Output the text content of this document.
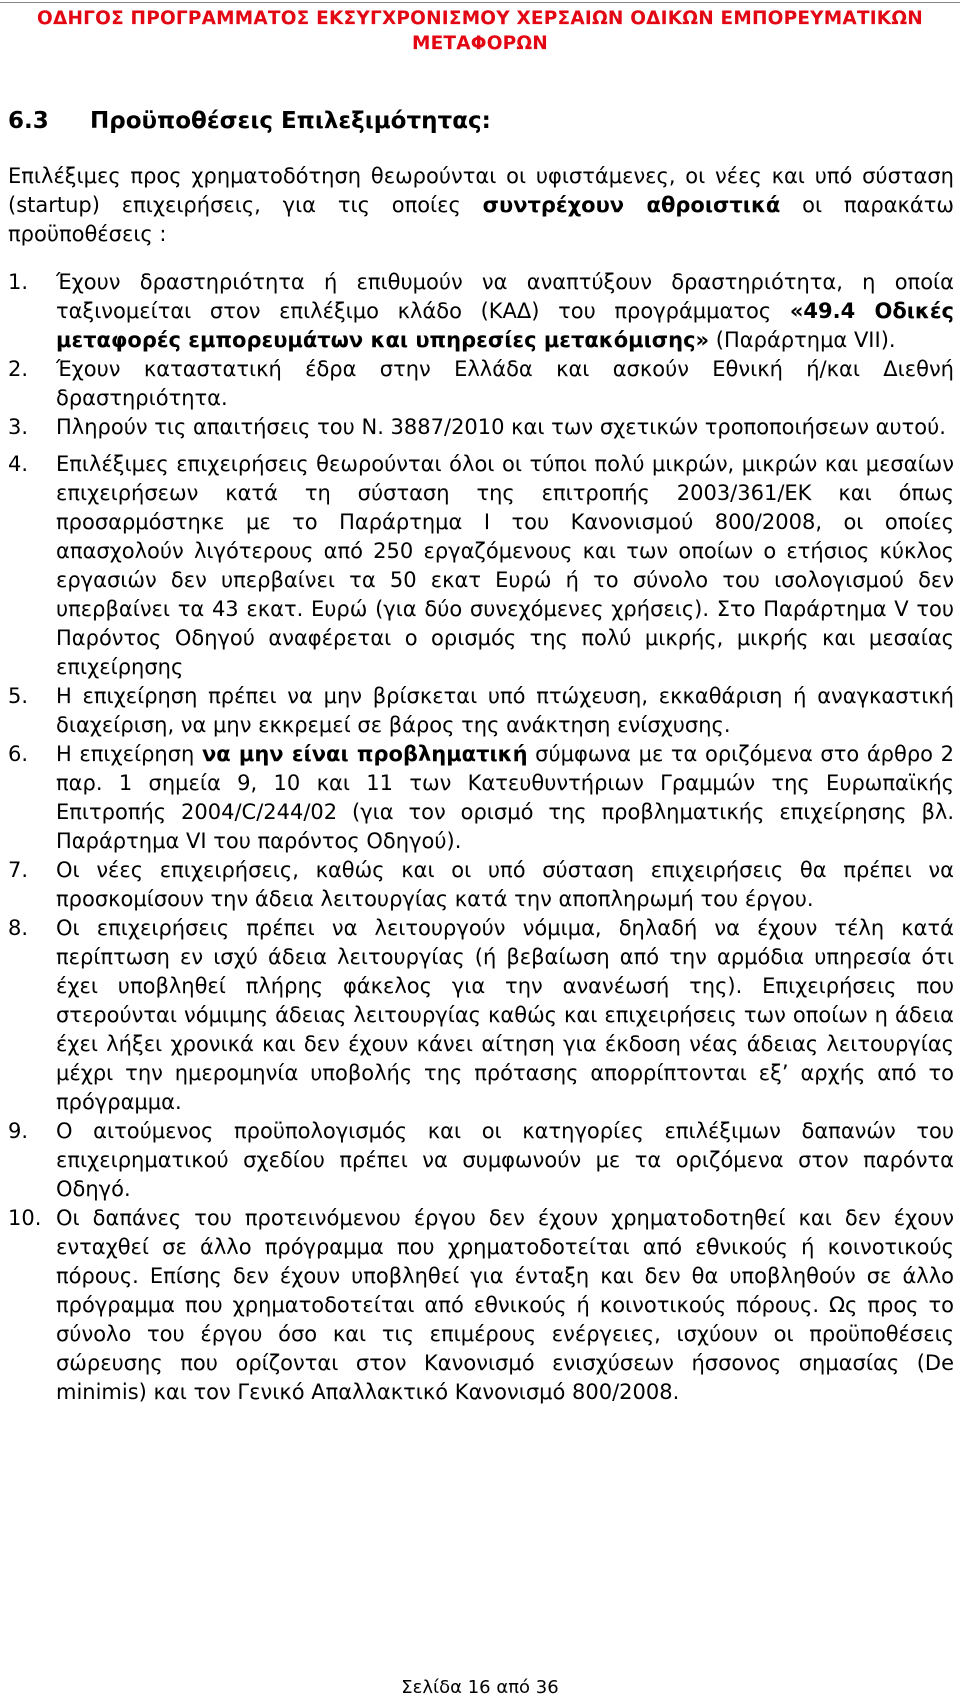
ΟΔΗΓΟΣ ΠΡΟΓΡΑΜΜΑΤΟΣ ΕΚΣΥΓΧΡΟΝΙΣΜΟΥ ΧΕΡΣΑΙΩΝ ΟΔΙΚΩΝ ΕΜΠΟΡΕΥΜΑΤΙΚΩΝ ΜΕΤΑΦΟΡΩΝ
6.3 Προϋποθέσεις Επιλεξιμότητας:

Επιλέξιμες προς χρηματοδότηση θεωρούνται οι υφιστάμενες, οι νέες και υπό σύσταση (startup) επιχειρήσεις, για τις οποίες συντρέχουν αθροιστικά οι παρακάτω προϋποθέσεις :

1. Έχουν δραστηριότητα ή επιθυμούν να αναπτύξουν δραστηριότητα, η οποία ταξινομείται στον επιλέξιμο κλάδο (ΚΑΔ) του προγράμματος «49.4 Οδικές μεταφορές εμπορευμάτων και υπηρεσίες μετακόμισης» (Παράρτημα VII).
2. Έχουν καταστατική έδρα στην Ελλάδα και ασκούν Εθνική ή/και Διεθνή δραστηριότητα.
3. Πληρούν τις απαιτήσεις του Ν. 3887/2010 και των σχετικών τροποποιήσεων αυτού.
4. Επιλέξιμες επιχειρήσεις θεωρούνται όλοι οι τύποι πολύ μικρών, μικρών και μεσαίων επιχειρήσεων κατά τη σύσταση της επιτροπής 2003/361/ΕΚ και όπως προσαρμόστηκε με το Παράρτημα Ι του Κανονισμού 800/2008, οι οποίες απασχολούν λιγότερους από 250 εργαζόμενους και των οποίων ο ετήσιος κύκλος εργασιών δεν υπερβαίνει τα 50 εκατ Ευρώ ή το σύνολο του ισολογισμού δεν υπερβαίνει τα 43 εκατ. Ευρώ (για δύο συνεχόμενες χρήσεις). Στο Παράρτημα V του Παρόντος Οδηγού αναφέρεται ο ορισμός της πολύ μικρής, μικρής και μεσαίας επιχείρησης
5. Η επιχείρηση πρέπει να μην βρίσκεται υπό πτώχευση, εκκαθάριση ή αναγκαστική διαχείριση, να μην εκκρεμεί σε βάρος της ανάκτηση ενίσχυσης.
6. Η επιχείρηση να μην είναι προβληματική σύμφωνα με τα οριζόμενα στο άρθρο 2 παρ. 1 σημεία 9, 10 και 11 των Κατευθυντήριων Γραμμών της Ευρωπαϊκής Επιτροπής 2004/C/244/02 (για τον ορισμό της προβληματικής επιχείρησης βλ. Παράρτημα VI του παρόντος Οδηγού).
7. Οι νέες επιχειρήσεις, καθώς και οι υπό σύσταση επιχειρήσεις θα πρέπει να προσκομίσουν την άδεια λειτουργίας κατά την αποπληρωμή του έργου.
8. Οι επιχειρήσεις πρέπει να λειτουργούν νόμιμα, δηλαδή να έχουν τέλη κατά περίπτωση εν ισχύ άδεια λειτουργίας (ή βεβαίωση από την αρμόδια υπηρεσία ότι έχει υποβληθεί πλήρης φάκελος για την ανανέωσή της). Επιχειρήσεις που στερούνται νόμιμης άδειας λειτουργίας καθώς και επιχειρήσεις των οποίων η άδεια έχει λήξει χρονικά και δεν έχουν κάνει αίτηση για έκδοση νέας άδειας λειτουργίας μέχρι την ημερομηνία υποβολής της πρότασης απορρίπτονται εξ’ αρχής από το πρόγραμμα.
9. Ο αιτούμενος προϋπολογισμός και οι κατηγορίες επιλέξιμων δαπανών του επιχειρηματικού σχεδίου πρέπει να συμφωνούν με τα οριζόμενα στον παρόντα Οδηγό.
10. Οι δαπάνες του προτεινόμενου έργου δεν έχουν χρηματοδοτηθεί και δεν έχουν ενταχθεί σε άλλο πρόγραμμα που χρηματοδοτείται από εθνικούς ή κοινοτικούς πόρους. Επίσης δεν έχουν υποβληθεί για ένταξη και δεν θα υποβληθούν σε άλλο πρόγραμμα που χρηματοδοτείται από εθνικούς ή κοινοτικούς πόρους. Ως προς το σύνολο του έργου όσο και τις επιμέρους ενέργειες, ισχύουν οι προϋποθέσεις σώρευσης που ορίζονται στον Κανονισμό ενισχύσεων ήσσονος σημασίας (De minimis) και τον Γενικό Απαλλακτικό Κανονισμό 800/2008.
Σελίδα 16 από 36
